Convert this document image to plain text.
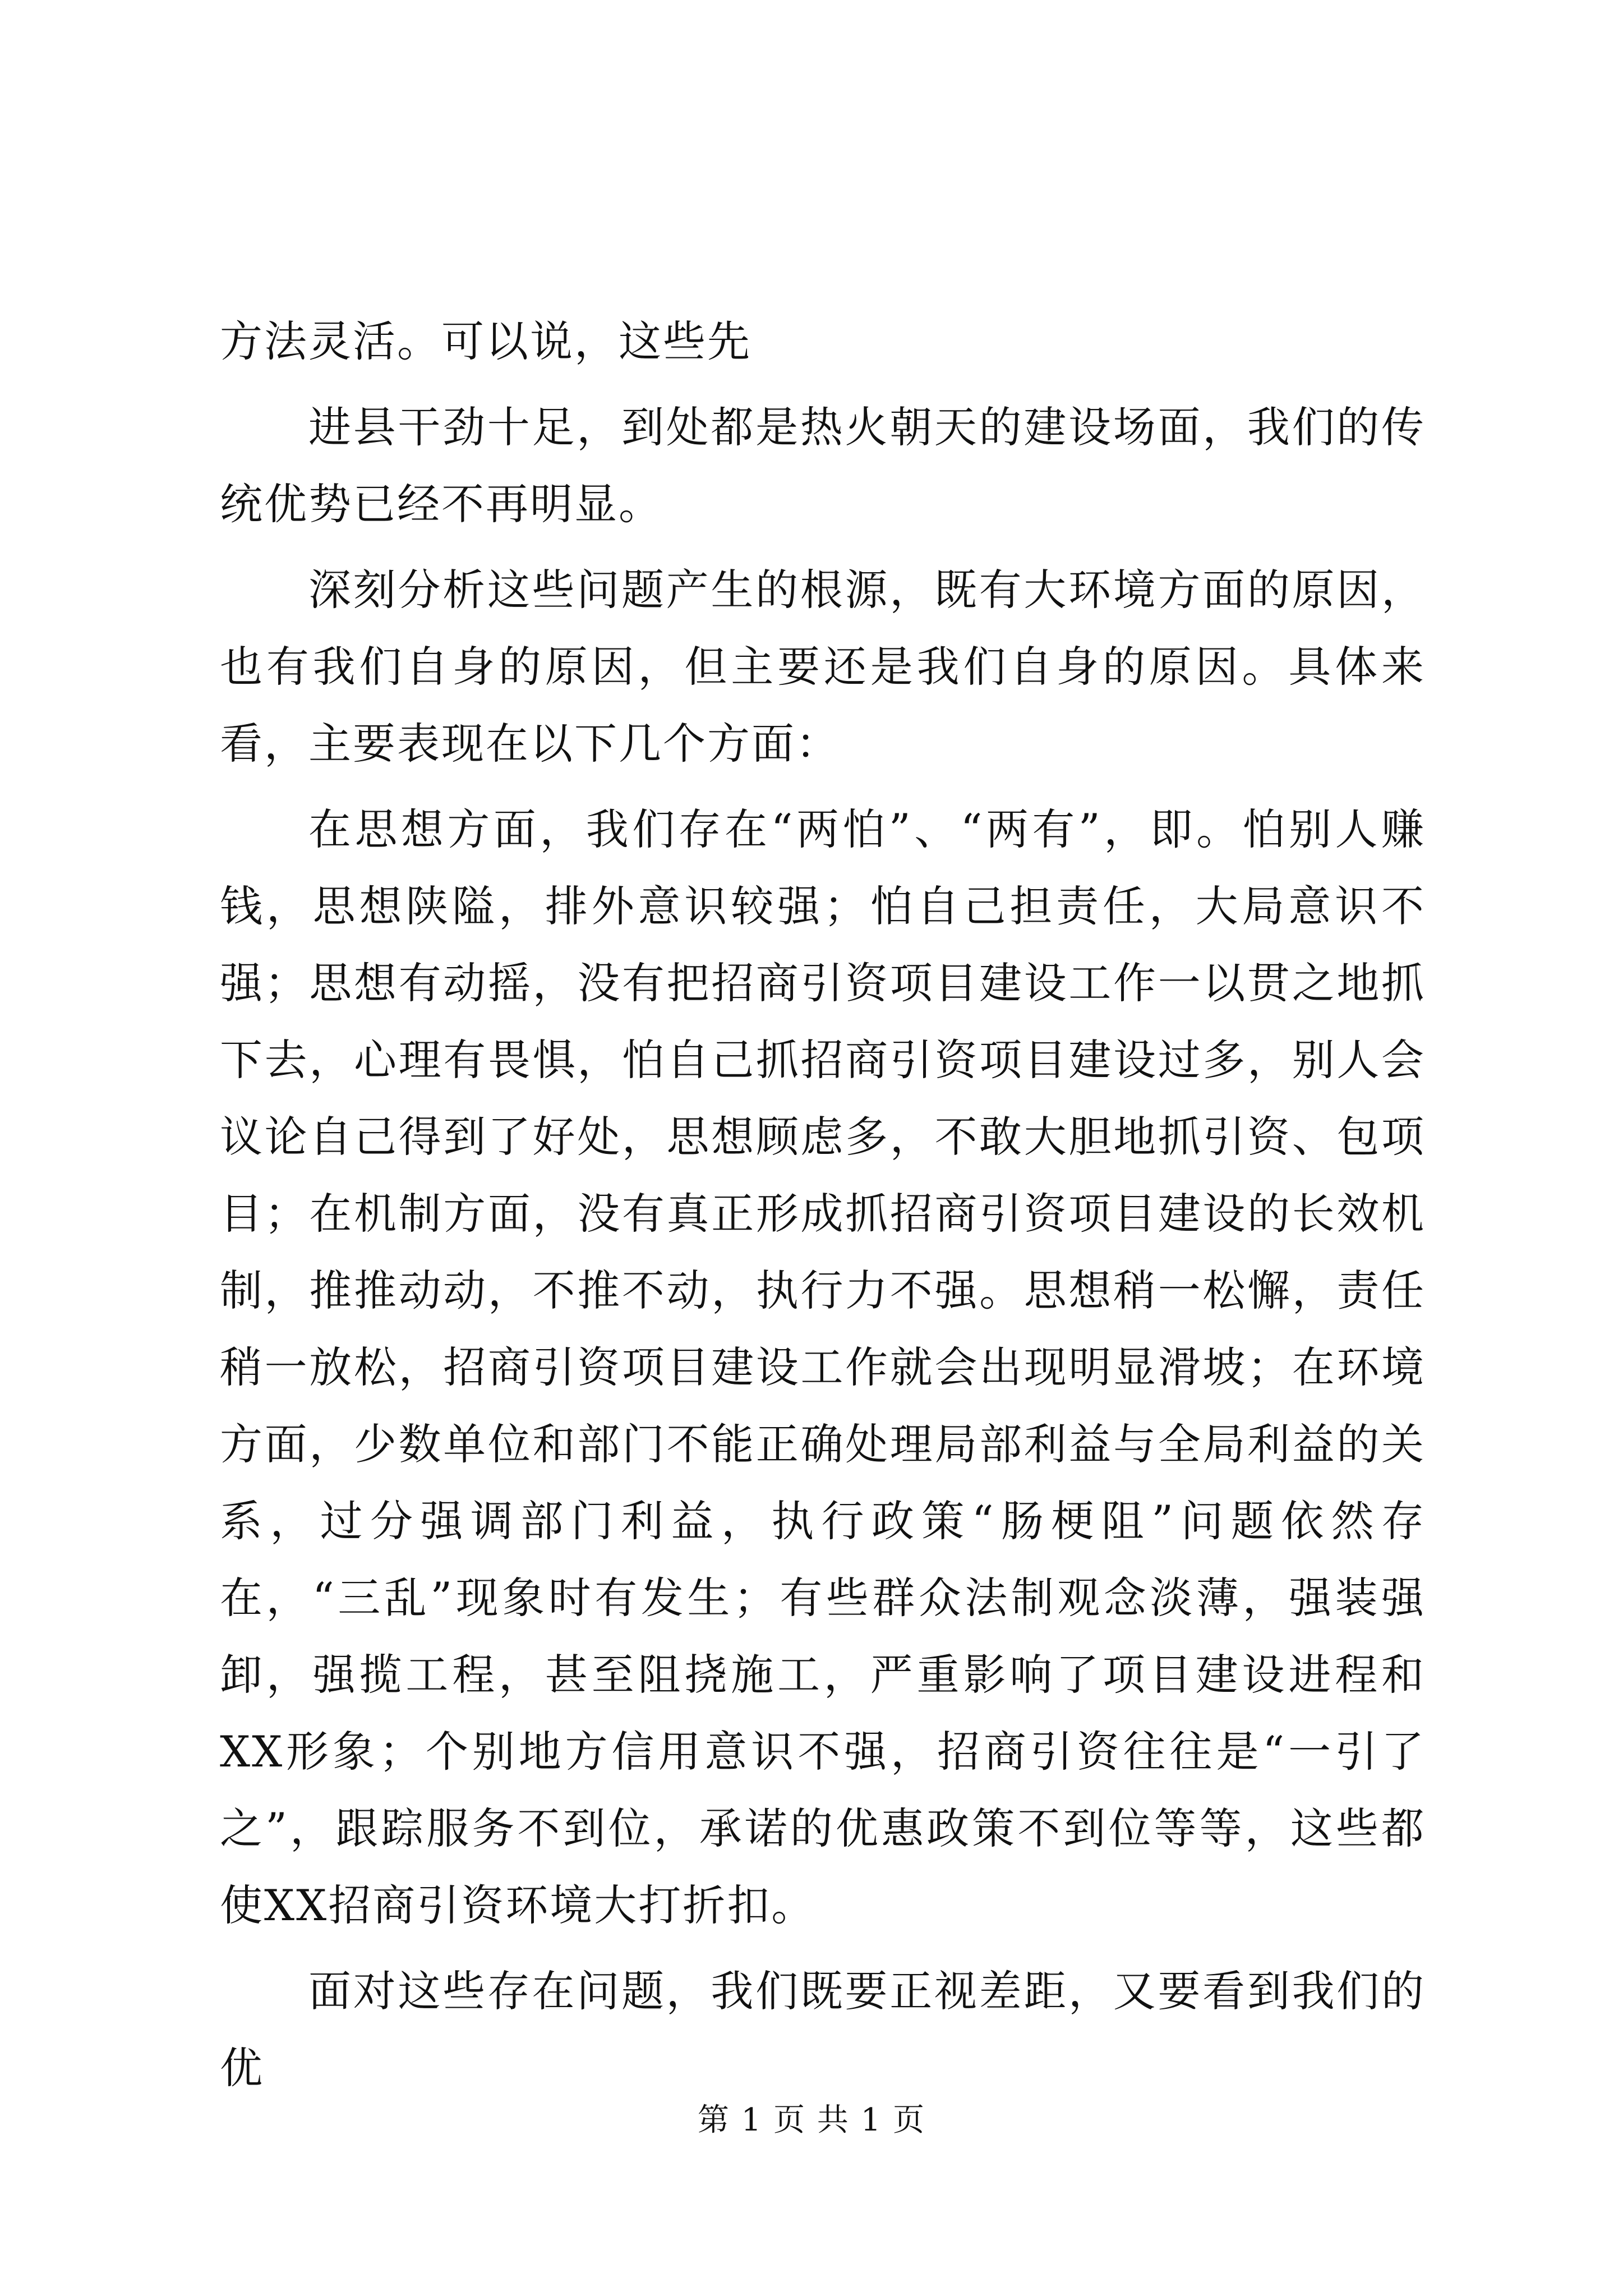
方法灵活。可以说，这些先

进县干劲十足，到处都是热火朝天的建设场面，我们的传统优势已经不再明显。

深刻分析这些问题产生的根源，既有大环境方面的原因，也有我们自身的原因，但主要还是我们自身的原因。具体来看，主要表现在以下几个方面：

在思想方面，我们存在“两怕”、“两有”，即。怕别人赚钱，思想陕隘，排外意识较强；怕自己担责任，大局意识不强；思想有动摇，没有把招商引资项目建设工作一以贯之地抓下去，心理有畏惧，怕自己抓招商引资项目建设过多，别人会议论自己得到了好处，思想顾虑多，不敢大胆地抓引资、包项目；在机制方面，没有真正形成抓招商引资项目建设的长效机制，推推动动，不推不动，执行力不强。思想稍一松懈，责任稍一放松，招商引资项目建设工作就会出现明显滑坡；在环境方面，少数单位和部门不能正确处理局部利益与全局利益的关系，过分强调部门利益，执行政策“肠梗阻”问题依然存在，“三乱”现象时有发生；有些群众法制观念淡薄，强装强卸，强揽工程，甚至阻挠施工，严重影响了项目建设进程和XX形象；个别地方信用意识不强，招商引资往往是“一引了之”，跟踪服务不到位，承诺的优惠政策不到位等等，这些都使XX招商引资环境大打折扣。

面对这些存在问题，我们既要正视差距，又要看到我们的优

第 1 页 共 1 页
